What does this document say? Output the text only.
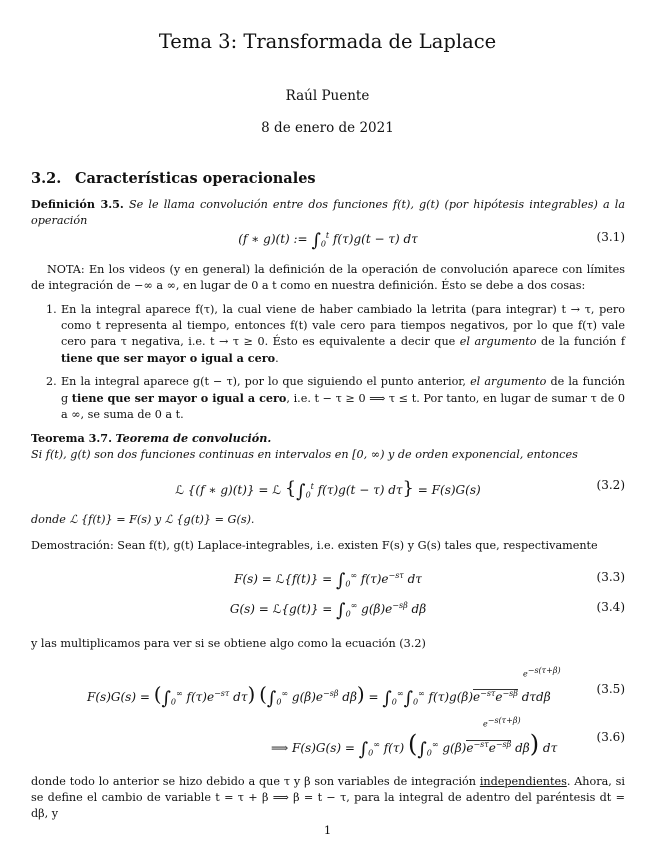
Tema 3: Transformada de Laplace
Raúl Puente
8 de enero de 2021
3.2. Características operacionales
Definición 3.5. Se le llama convolución entre dos funciones f(t), g(t) (por hipótesis integrables) a la operación
(f ∗ g)(t) := $\int_0^t$ f(τ)g(t − τ) dτ	(3.1)
NOTA: En los videos (y en general) la definición de la operación de convolución aparece con límites de integración de −∞ a ∞, en lugar de 0 a t como en nuestra definición. Ésto se debe a dos cosas:
1. En la integral aparece f(τ), la cual viene de haber cambiado la letrita (para integrar) t → τ, pero como t representa al tiempo, entonces f(t) vale cero para tiempos negativos, por lo que f(τ) vale cero para τ negativa, i.e. t → τ ≥ 0. Ésto es equivalente a decir que el argumento de la función f tiene que ser mayor o igual a cero.
2. En la integral aparece g(t − τ), por lo que siguiendo el punto anterior, el argumento de la función g tiene que ser mayor o igual a cero, i.e. t − τ ≥ 0 ⟹ τ ≤ t. Por tanto, en lugar de sumar τ de 0 a ∞, se suma de 0 a t.
Teorema 3.7. Teorema de convolución.
Si f(t), g(t) son dos funciones continuas en intervalos en [0, ∞) y de orden exponencial, entonces
ℒ {(f ∗ g)(t)} = ℒ {$\int_0^t$ f(τ)g(t − τ) dτ} = F(s)G(s)	(3.2)
donde ℒ {f(t)} = F(s) y ℒ {g(t)} = G(s).
Demostración: Sean f(t), g(t) Laplace-integrables, i.e. existen F(s) y G(s) tales que, respectivamente
F(s) = ℒ{f(t)} = $\int_0^\infty$ $f(\tau)e^{-s\tau}$ dτ	(3.3)
G(s) = ℒ{g(t)} = $\int_0^\infty$ $g(\beta)e^{-s\beta}$ dβ	(3.4)
y las multiplicamos para ver si se obtiene algo como la ecuación (3.2)
$F(s)G(s) = (\int_0^\infty$ $f(\tau)e^{-s\tau}$ dτ) ($\int_0^\infty$ $g(\beta)e^{-s\beta}$ $d\beta) = \int_0^\infty\int_0^\infty$ $f(\tau)g(\beta)e^{-s\tau}e^{-s\beta}$ dτdβ
$e^{-s(\tau+\beta)}$
(3.5)
⟹ $F(s)G(s) = \int_0^\infty$ f(τ) ($\int_0^\infty$ $g(\beta)e^{-s\tau}e^{-s\beta}$ dβ) dτ
$e^{-s(\tau+\beta)}$
(3.6)
donde todo lo anterior se hizo debido a que τ y β son variables de integración independientes. Ahora, si se define el cambio de variable t = τ + β ⟹ β = t − τ, para la integral de adentro del paréntesis dt = dβ, y
1
